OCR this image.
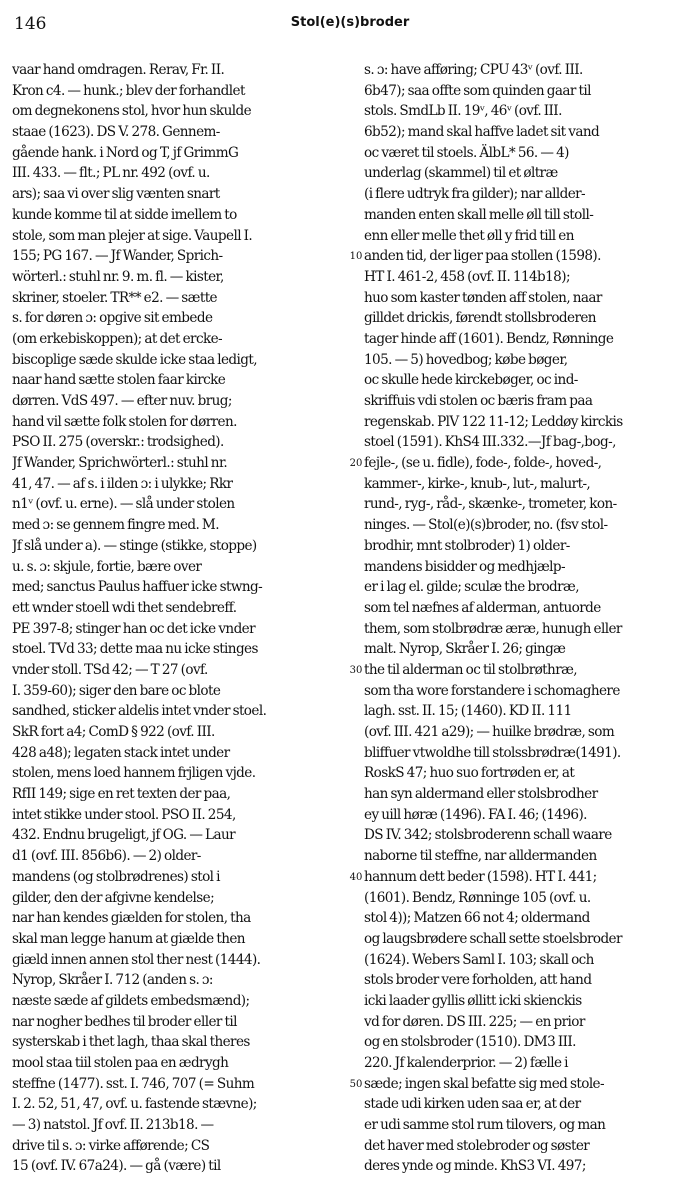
146	Stol(e)(s)broder
vaar hand omdragen. Rerav, Fr. II.
Kron c4. — hunk.; blev der forhandlet
om degnekonens stol, hvor hun skulde
staae (1623). DS V. 278. Gennem-
gående hank. i Nord og T, jf GrimmG
III. 433. — flt.; PL nr. 492 (ovf. u.
ars); saa vi over slig vænten snart
kunde komme til at sidde imellem to
stole, som man plejer at sige. Vaupell I.
155; PG 167. — Jf Wander, Sprich-
wörterl.: stuhl nr. 9. m. fl. — kister,
skriner, stoeler. TR** e2. — sætte
s. for døren ɔ: opgive sit embede
(om erkebiskoppen); at det ercke-
biscoplige sæde skulde icke staa ledigt,
naar hand sætte stolen faar kircke
dørren. VdS 497. — efter nuv. brug;
hand vil sætte folk stolen for dørren.
PSO II. 275 (overskr.: trodsighed).
Jf Wander, Sprichwörterl.: stuhl nr.
41, 47. — af s. i ilden ɔ: i ulykke; Rkr
n1ᵛ (ovf. u. erne). — slå under stolen
med ɔ: se gennem fingre med. M.
Jf slå under a). — stinge (stikke, stoppe)
u. s. ɔ: skjule, fortie, bære over
med; sanctus Paulus haffuer icke stwng-
ett wnder stoell wdi thet sendebreff.
PE 397-8; stinger han oc det icke vnder
stoel. TVd 33; dette maa nu icke stinges
vnder stoll. TSd 42; — T 27 (ovf.
I. 359-60); siger den bare oc blote
sandhed, sticker aldelis intet vnder stoel.
SkR fort a4; ComD § 922 (ovf. III.
428 a48); legaten stack intet under
stolen, mens loed hannem frjligen vjde.
RfII 149; sige en ret texten der paa,
intet stikke under stool. PSO II. 254,
432. Endnu brugeligt, jf OG. — Laur
d1 (ovf. III. 856b6). — 2) older-
mandens (og stolbrødrenes) stol i
gilder, den der afgivne kendelse;
nar han kendes giælden for stolen, tha
skal man legge hanum at giælde then
giæld innen annen stol ther nest (1444).
Nyrop, Skråer I. 712 (anden s. ɔ:
næste sæde af gildets embedsmænd);
nar nogher bedhes til broder eller til
systerskab i thet lagh, thaa skal theres
mool staa tiil stolen paa en ædrygh
steffne (1477). sst. I. 746, 707 (= Suhm
I. 2. 52, 51, 47, ovf. u. fastende stævne);
— 3) natstol. Jf ovf. II. 213b18. —
drive til s. ɔ: virke afførende; CS
15 (ovf. IV. 67a24). — gå (være) til
s. ɔ: have afføring; CPU 43ᵛ (ovf. III.
6b47); saa offte som quinden gaar til
stols. SmdLb II. 19ᵛ, 46ᵛ (ovf. III.
6b52); mand skal haffve ladet sit vand
oc været til stoels. ÄlbL* 56. — 4)
underlag (skammel) til et øltræ
(i flere udtryk fra gilder); nar allder-
manden enten skall melle øll till stoll-
enn eller melle thet øll y frid till en
anden tid, der liger paa stollen (1598).
HT I. 461-2, 458 (ovf. II. 114b18);
huo som kaster tønden aff stolen, naar
gilldet drickis, førendt stollsbroderen
tager hinde aff (1601). Bendz, Rønninge
105. — 5) hovedbog; købe bøger,
oc skulle hede kirckebøger, oc ind-
skriffuis vdi stolen oc bæris fram paa
regenskab. PlV 122 11-12; Leddøy kirckis
stoel (1591). KhS4 III.332.—Jf bag-,bog-,
fejle-, (se u. fidle), fode-, folde-, hoved-,
kammer-, kirke-, knub-, lut-, malurt-,
rund-, ryg-, råd-, skænke-, trometer, kon-
ninges. — Stol(e)(s)broder, no. (fsv stol-
brodhir, mnt stolbroder) 1) older-
mandens bisidder og medhjælp-
er i lag el. gilde; sculæ the brodræ,
som tel næfnes af alderman, antuorde
them, som stolbrødræ æræ, hunugh eller
malt. Nyrop, Skråer I. 26; gingæ
the til alderman oc til stolbrøthræ,
som tha wore forstandere i schomaghere
lagh. sst. II. 15; (1460). KD II. 111
(ovf. III. 421 a29); — huilke brødræ, som
bliffuer vtwoldhe till stolssbrødræ(1491).
RoskS 47; huo suo fortrøden er, at
han syn aldermand eller stolsbrodher
ey uill høræ (1496). FA I. 46; (1496).
DS IV. 342; stolsbroderenn schall waare
naborne til steffne, nar alldermanden
hannum dett beder (1598). HT I. 441;
(1601). Bendz, Rønninge 105 (ovf. u.
stol 4)); Matzen 66 not 4; oldermand
og laugsbrødere schall sette stoelsbroder
(1624). Webers Saml I. 103; skall och
stols broder vere forholden, att hand
icki laader gyllis øllitt icki skienckis
vd for døren. DS III. 225; — en prior
og en stolsbroder (1510). DM3 III.
220. Jf kalenderprior. — 2) fælle i
sæde; ingen skal befatte sig med stole-
stade udi kirken uden saa er, at der
er udi samme stol rum tilovers, og man
det haver med stolebroder og søster
deres ynde og minde. KhS3 VI. 497;
10
20
30
40
50
